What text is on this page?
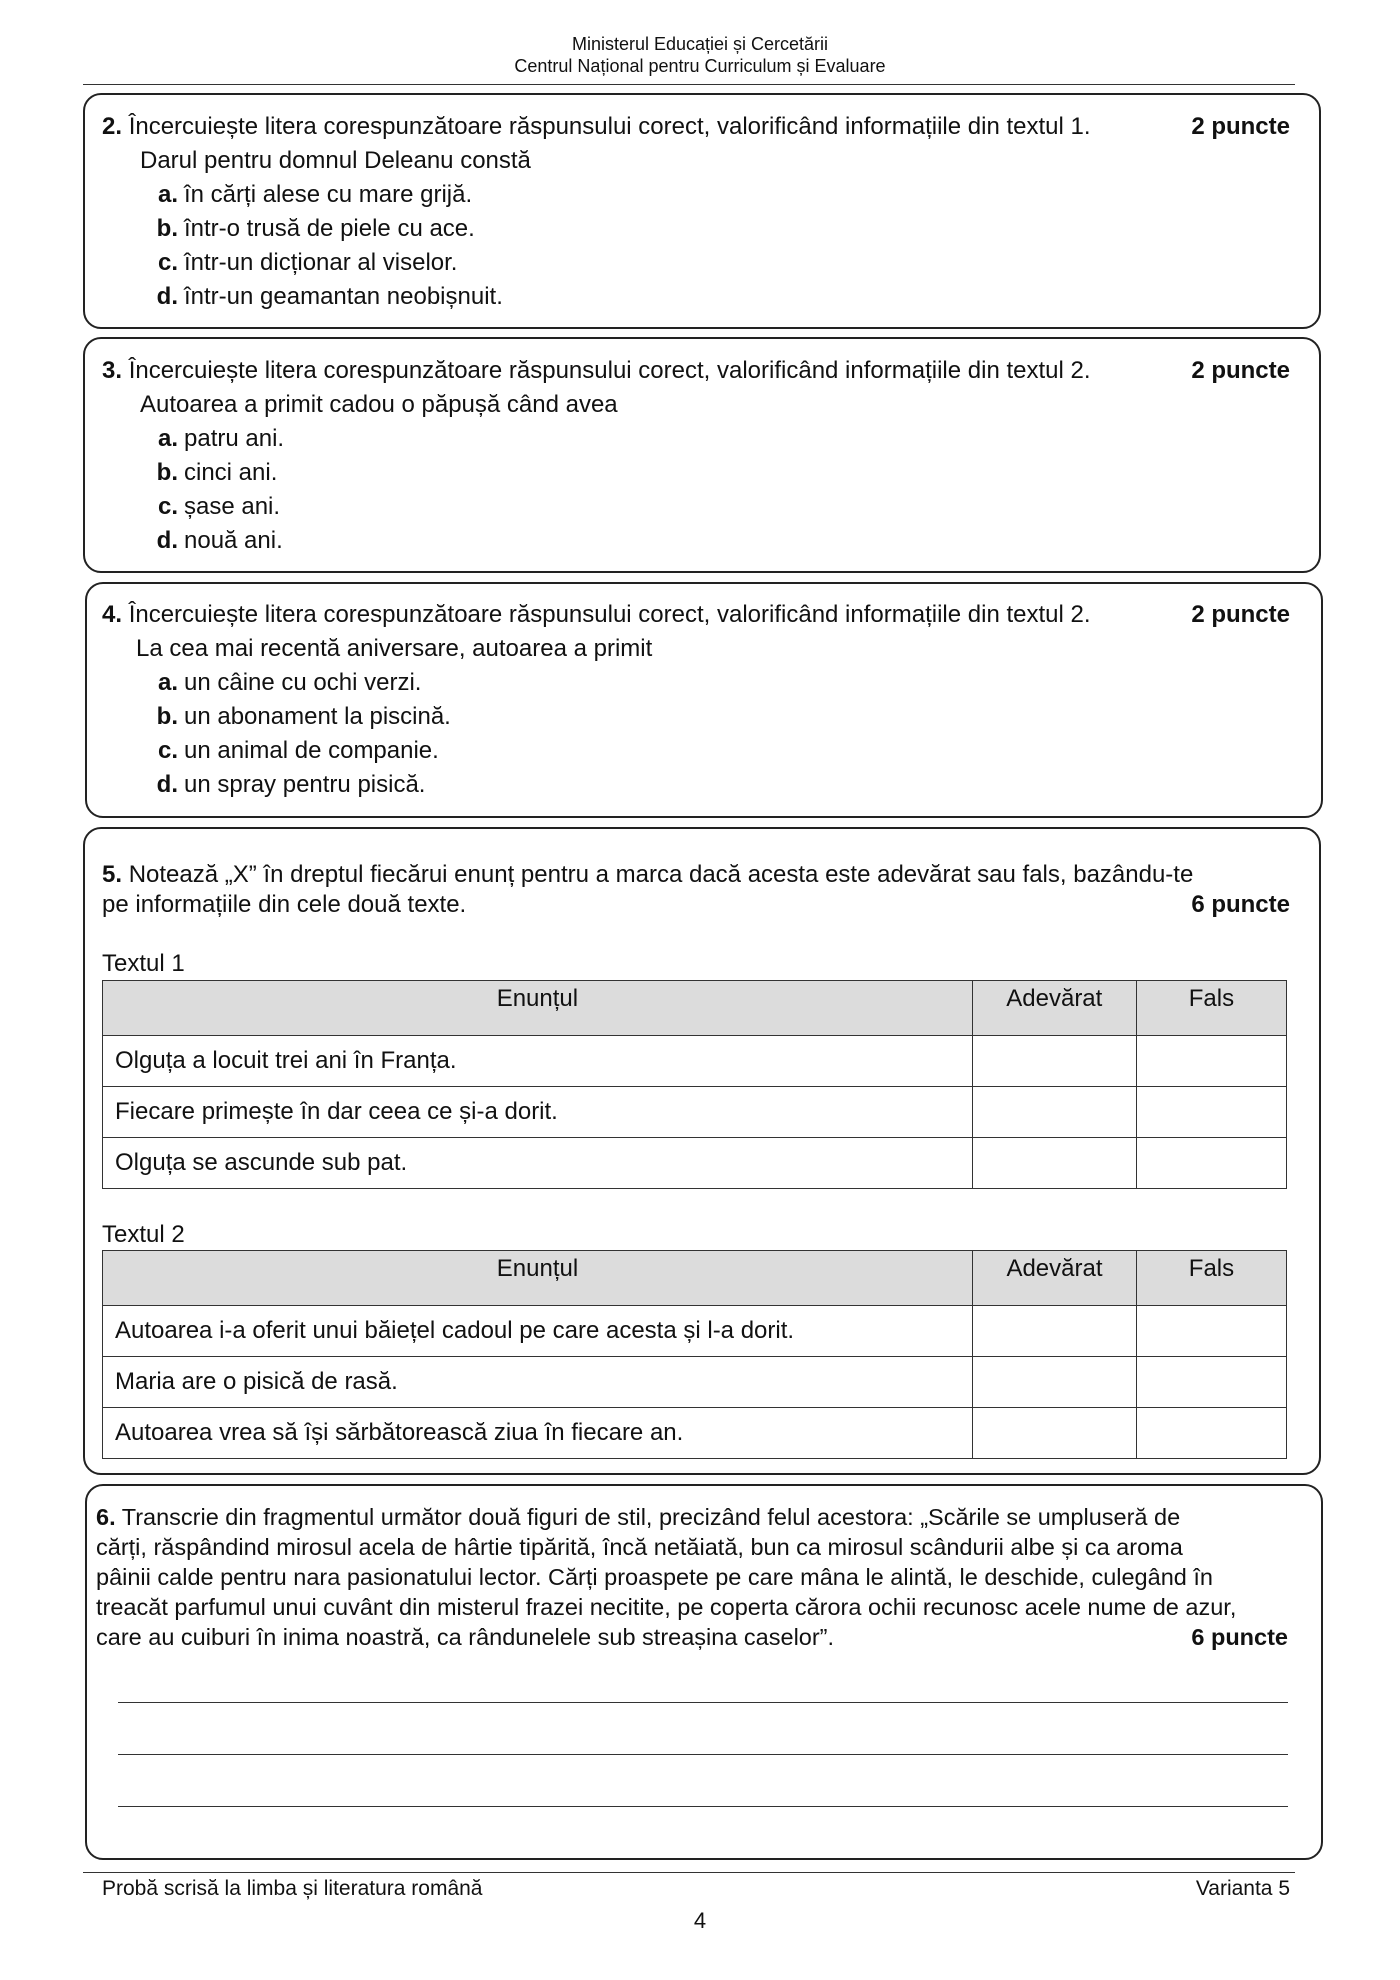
Ministerul Educației și Cercetării
Centrul Național pentru Curriculum și Evaluare
2. Încercuiește litera corespunzătoare răspunsului corect, valorificând informațiile din textul 1.	2 puncte
Darul pentru domnul Deleanu constă
a. în cărți alese cu mare grijă.
b. într-o trusă de piele cu ace.
c. într-un dicționar al viselor.
d. într-un geamantan neobișnuit.
3. Încercuiește litera corespunzătoare răspunsului corect, valorificând informațiile din textul 2.	2 puncte
Autoarea a primit cadou o păpușă când avea
a. patru ani.
b. cinci ani.
c. șase ani.
d. nouă ani.
4. Încercuiește litera corespunzătoare răspunsului corect, valorificând informațiile din textul 2.	2 puncte
La cea mai recentă aniversare, autoarea a primit
a. un câine cu ochi verzi.
b. un abonament la piscină.
c. un animal de companie.
d. un spray pentru pisică.
5. Notează „X” în dreptul fiecărui enunț pentru a marca dacă acesta este adevărat sau fals, bazându-te
pe informațiile din cele două texte.	6 puncte
Textul 1
Enunțul	Adevărat	Fals
Olguța a locuit trei ani în Franța.		
Fiecare primește în dar ceea ce și-a dorit.		
Olguța se ascunde sub pat.		
Textul 2
Enunțul	Adevărat	Fals
Autoarea i-a oferit unui băiețel cadoul pe care acesta și l-a dorit.		
Maria are o pisică de rasă.		
Autoarea vrea să își sărbătorească ziua în fiecare an.		
6. Transcrie din fragmentul următor două figuri de stil, precizând felul acestora: „Scările se umpluseră de
cărți, răspândind mirosul acela de hârtie tipărită, încă netăiată, bun ca mirosul scândurii albe și ca aroma
pâinii calde pentru nara pasionatului lector. Cărți proaspete pe care mâna le alintă, le deschide, culegând în
treacăt parfumul unui cuvânt din misterul frazei necitite, pe coperta cărora ochii recunosc acele nume de azur,
care au cuiburi în inima noastră, ca rândunelele sub streașina caselor”.	6 puncte
Probă scrisă la limba și literatura română	Varianta 5
4
